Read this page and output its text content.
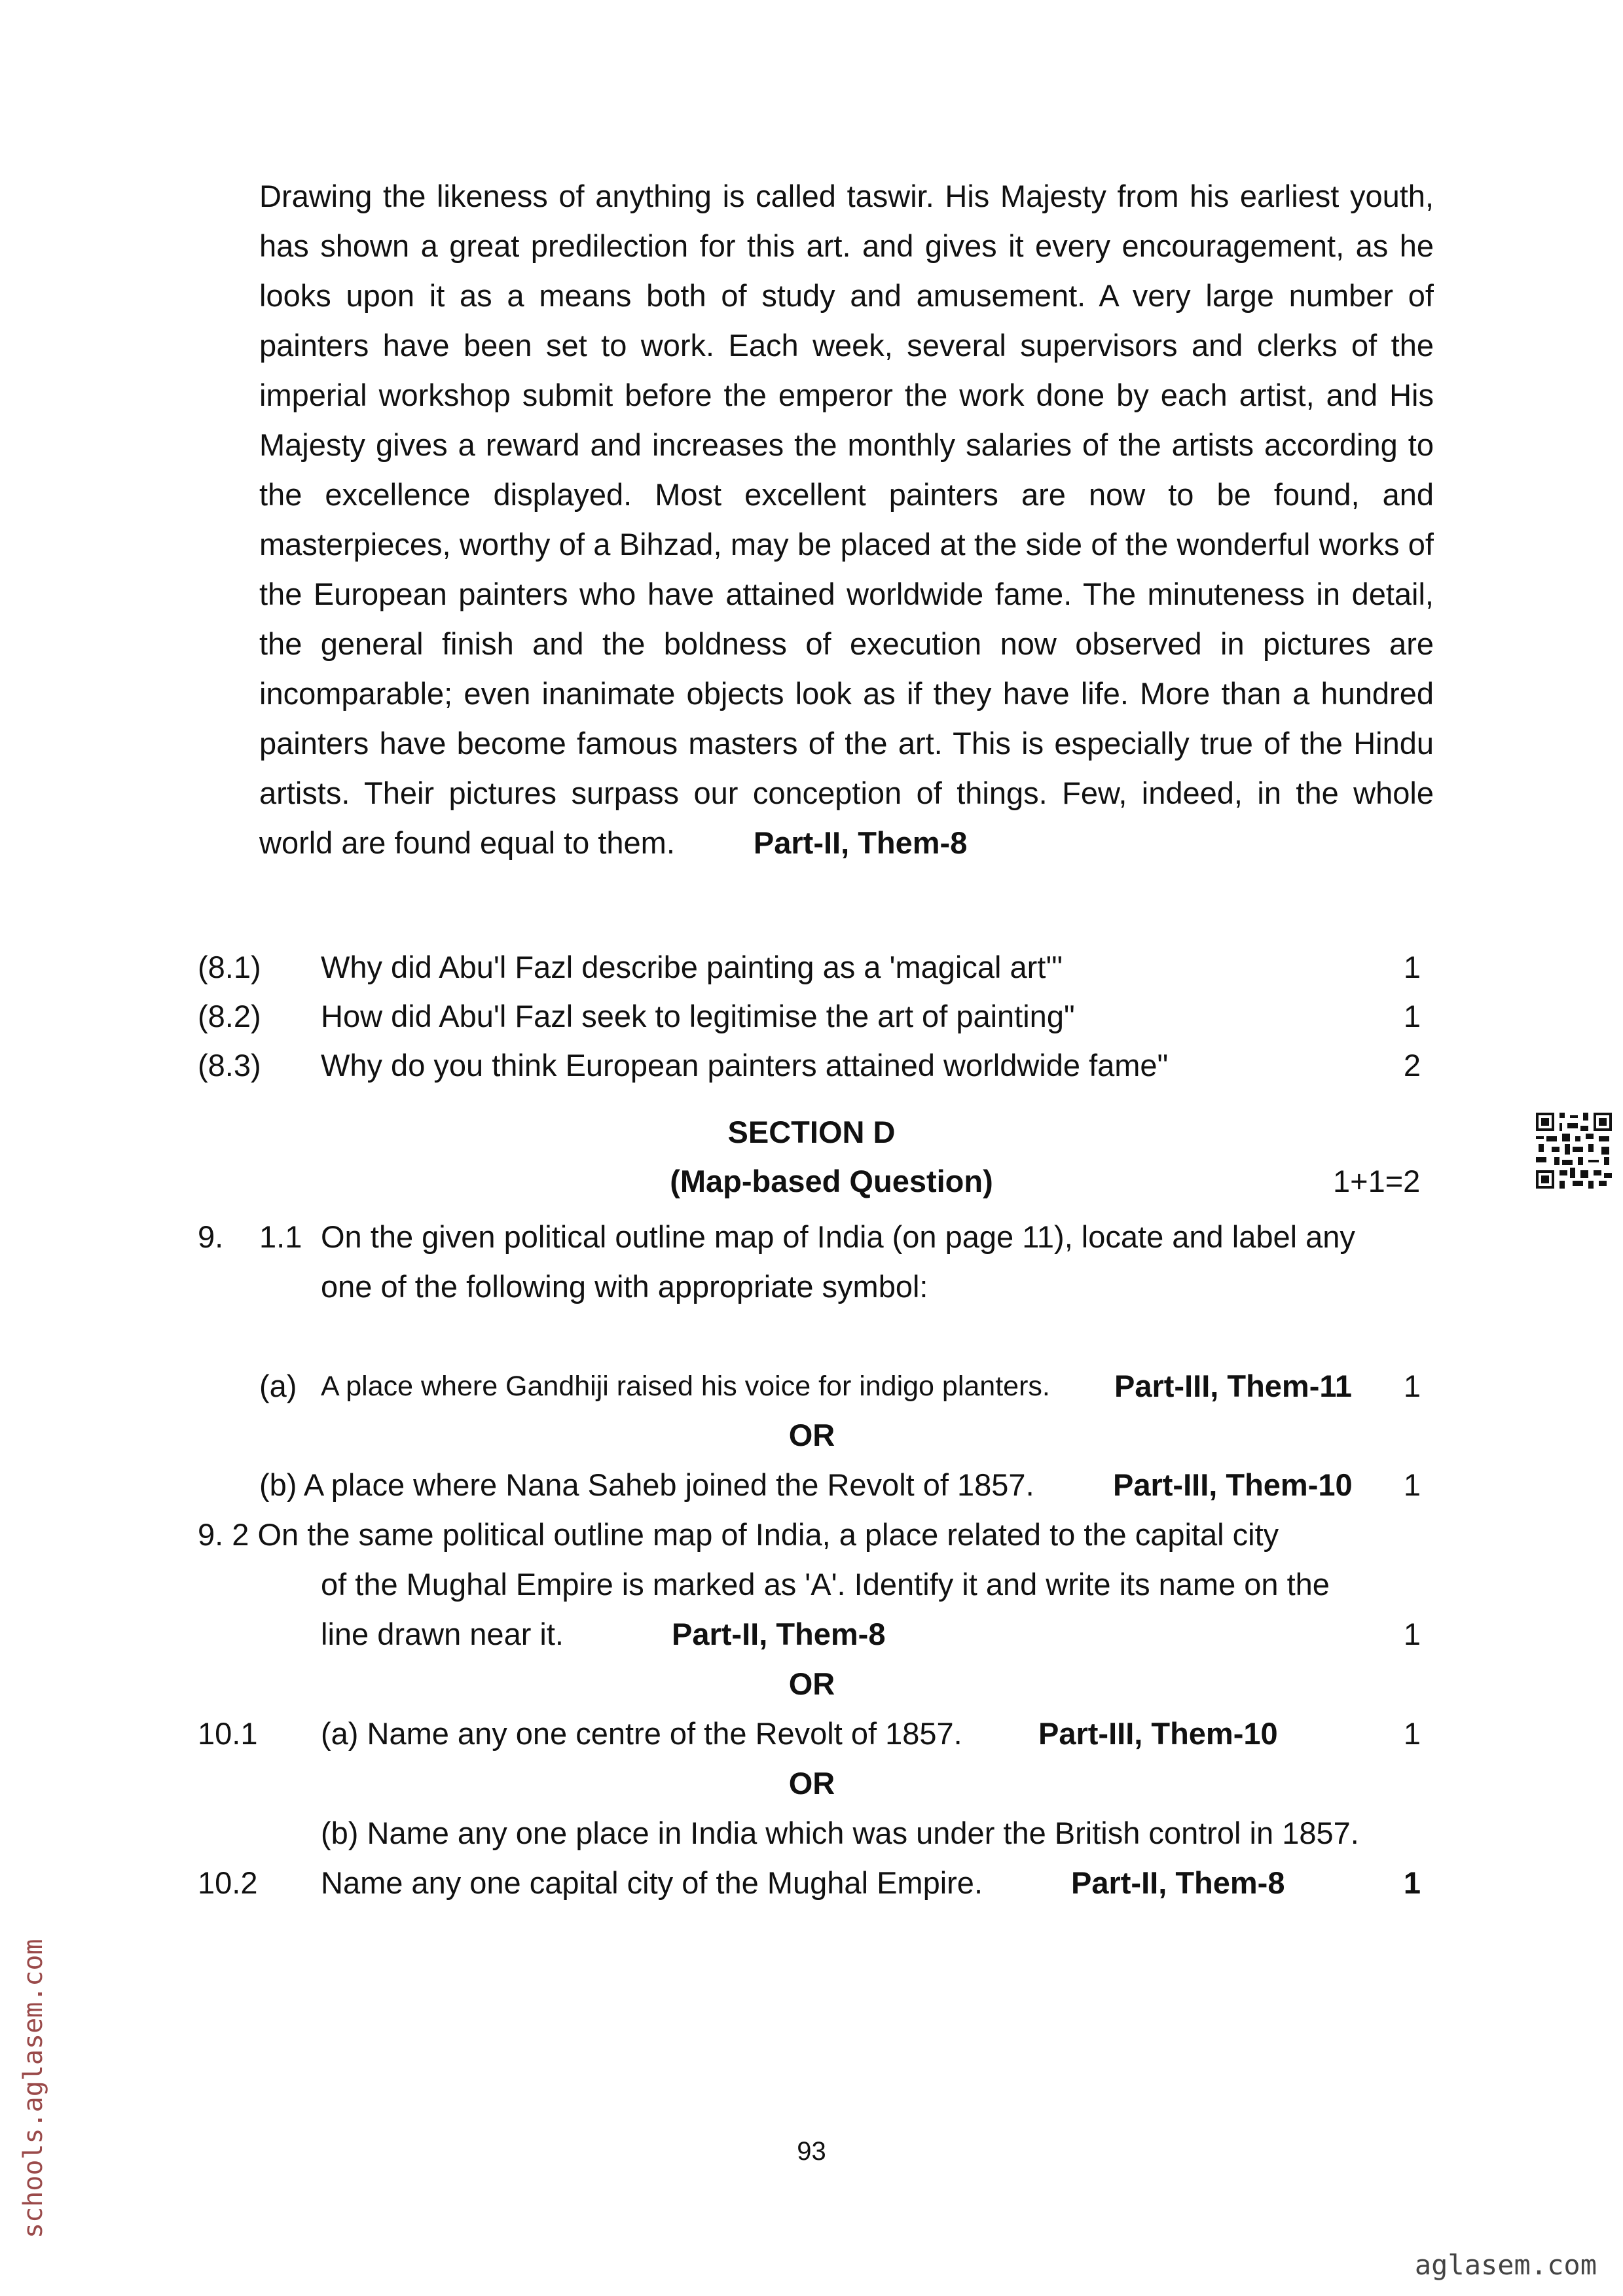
Drawing the likeness of anything is called taswir. His Majesty from his earliest youth, has shown a great predilection for this art. and gives it every encouragement, as he looks upon it as a means both of study and amusement. A very large number of painters have been set to work. Each week, several supervisors and clerks of the imperial workshop submit before the emperor the work done by each artist, and His Majesty gives a reward and increases the monthly salaries of the artists according to the excellence displayed. Most excellent painters are now to be found, and masterpieces, worthy of a Bihzad, may be placed at the side of the wonderful works of the European painters who have attained worldwide fame. The minuteness in detail, the general finish and the boldness of execution now observed in pictures are incomparable; even inanimate objects look as if they have life. More than a hundred painters have become famous masters of the art. This is especially true of the Hindu artists. Their pictures surpass our conception of things. Few, indeed, in the whole world are found equal to them.	Part-II, Them-8

(8.1) Why did Abu'l Fazl describe painting as a 'magical art'"	1
(8.2) How did Abu'l Fazl seek to legitimise the art of painting"	1
(8.3) Why do you think European painters attained worldwide fame"	2
SECTION D
(Map-based Question)	1+1=2
9. 1.1 On the given political outline map of India (on page 11), locate and label any
one of the following with appropriate symbol:
(a) A place where Gandhiji raised his voice for indigo planters. Part-III, Them-11	1
OR
(b) A place where Nana Saheb joined the Revolt of 1857.	Part-III, Them-10	1
9. 2 On the same political outline map of India, a place related to the capital city
of the Mughal Empire is marked as 'A'. Identify it and write its name on the
line drawn near it.	Part-II, Them-8	1
OR
10.1 (a) Name any one centre of the Revolt of 1857. Part-III, Them-10	1
OR
(b) Name any one place in India which was under the British control in 1857.
10.2 Name any one capital city of the Mughal Empire.	Part-II, Them-8	1
93
schools.aglasem.com
aglasem.com
